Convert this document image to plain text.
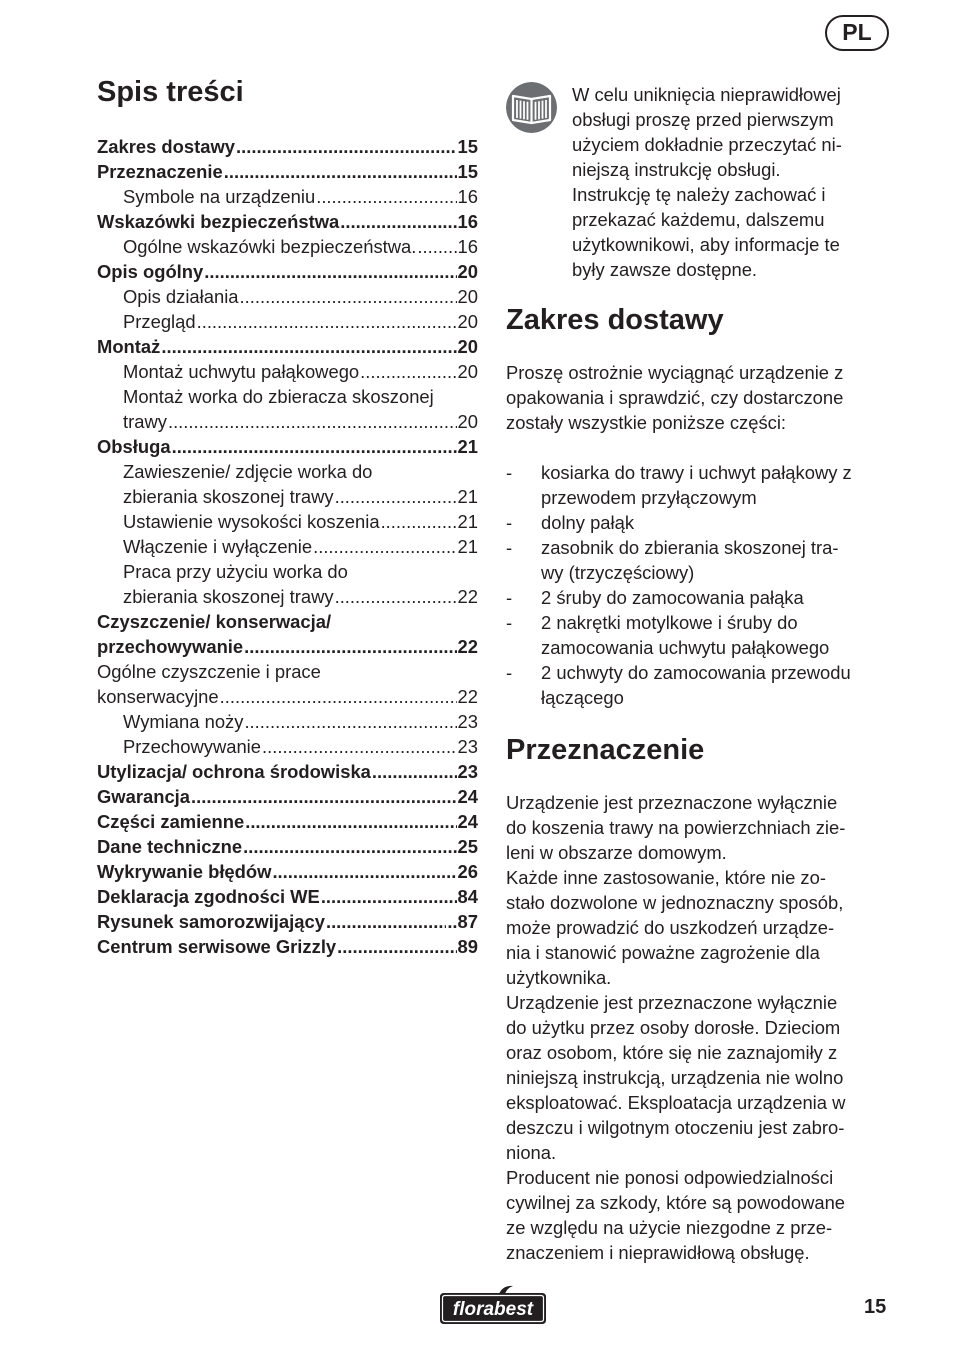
PL
Spis treści
Zakres dostawy .....	15
Przeznaczenie .....	15
Symbole na urządzeniu .....	16
Wskazówki bezpieczeństwa .....	16
Ogólne wskazówki bezpieczeństwa. ..... 16
Opis ogólny .....	20
Opis działania .....	20
Przegląd .....	20
Montaż .....	20
Montaż uchwytu pałąkowego .....	20
Montaż worka do zbieracza skoszonej
trawy .....	20
Obsługa .....	21
Zawieszenie/ zdjęcie worka do
zbierania skoszonej trawy .....	21
Ustawienie wysokości koszenia .....	21
Włączenie i wyłączenie .....	21
Praca przy użyciu worka do
zbierania skoszonej trawy .....	22
Czyszczenie/ konserwacja/
przechowywanie .....	22
Ogólne czyszczenie i prace
konserwacyjne .....	22
Wymiana noży .....	23
Przechowywanie .....	23
Utylizacja/ ochrona środowiska .....	23
Gwarancja .....	24
Części zamienne .....	24
Dane techniczne .....	25
Wykrywanie błędów .....	26
Deklaracja zgodności WE .....	84
Rysunek samorozwijający .....	..87
Centrum serwisowe Grizzly .....	89
W celu uniknięcia nieprawidłowej
obsługi proszę przed pierwszym
użyciem dokładnie przeczytać ni-
niejszą instrukcję obsługi.
Instrukcję tę należy zachować i
przekazać każdemu, dalszemu
użytkownikowi, aby informacje te
były zawsze dostępne.
Zakres dostawy
Proszę ostrożnie wyciągnąć urządzenie z
opakowania i sprawdzić, czy dostarczone
zostały wszystkie poniższe części:
- kosiarka do trawy i uchwyt pałąkowy z
przewodem przyłączowym
- dolny pałąk
- zasobnik do zbierania skoszonej tra-
wy (trzyczęściowy)
- 2 śruby do zamocowania pałąka
- 2 nakrętki motylkowe i śruby do
zamocowania uchwytu pałąkowego
- 2 uchwyty do zamocowania przewodu
łączącego
Przeznaczenie
Urządzenie jest przeznaczone wyłącznie
do koszenia trawy na powierzchniach zie-
leni w obszarze domowym.
Każde inne zastosowanie, które nie zo-
stało dozwolone w jednoznaczny sposób,
może prowadzić do uszkodzeń urządze-
nia i stanowić poważne zagrożenie dla
użytkownika.
Urządzenie jest przeznaczone wyłącznie
do użytku przez osoby dorosłe. Dzieciom
oraz osobom, które się nie zaznajomiły z
niniejszą instrukcją, urządzenia nie wolno
eksploatować. Eksploatacja urządzenia w
deszczu i wilgotnym otoczeniu jest zabro-
niona.
Producent nie ponosi odpowiedzialności
cywilnej za szkody, które są powodowane
ze względu na użycie niezgodne z prze-
znaczeniem i nieprawidłową obsługę.
florabest	15
